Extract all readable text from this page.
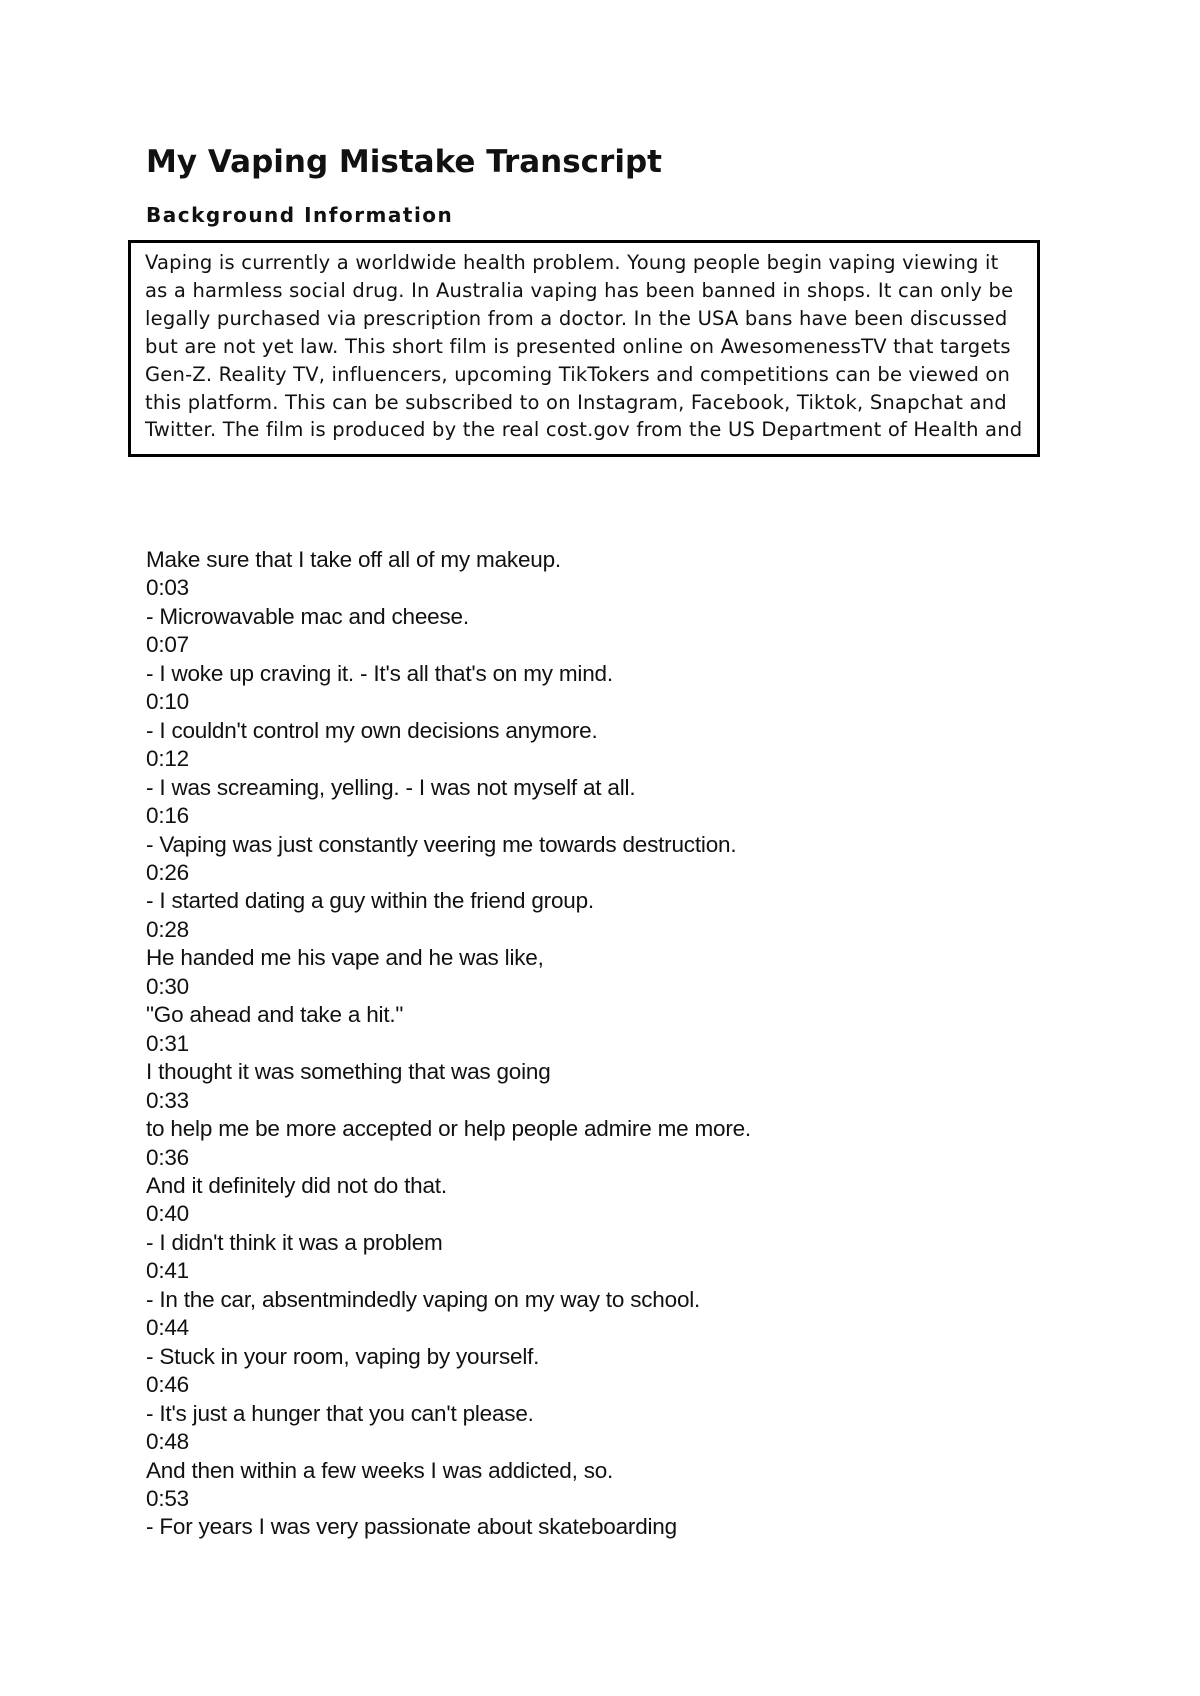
My Vaping Mistake Transcript
Background Information

Vaping is currently a worldwide health problem. Young people begin vaping viewing it as a harmless social drug. In Australia vaping has been banned in shops. It can only be legally purchased via prescription from a doctor. In the USA bans have been discussed but are not yet law. This short film is presented online on AwesomenessTV that targets Gen-Z. Reality TV, influencers, upcoming TikTokers and competitions can be viewed on this platform. This can be subscribed to on Instagram, Facebook, Tiktok, Snapchat and Twitter. The film is produced by the real cost.gov from the US Department of Health and

Make sure that I take off all of my makeup.
0:03
- Microwavable mac and cheese.
0:07
- I woke up craving it. - It's all that's on my mind.
0:10
- I couldn't control my own decisions anymore.
0:12
- I was screaming, yelling. - I was not myself at all.
0:16
- Vaping was just constantly veering me towards destruction.
0:26
- I started dating a guy within the friend group.
0:28
He handed me his vape and he was like,
0:30
"Go ahead and take a hit."
0:31
I thought it was something that was going
0:33
to help me be more accepted or help people admire me more.
0:36
And it definitely did not do that.
0:40
- I didn't think it was a problem
0:41
- In the car, absentmindedly vaping on my way to school.
0:44
- Stuck in your room, vaping by yourself.
0:46
- It's just a hunger that you can't please.
0:48
And then within a few weeks I was addicted, so.
0:53
- For years I was very passionate about skateboarding
